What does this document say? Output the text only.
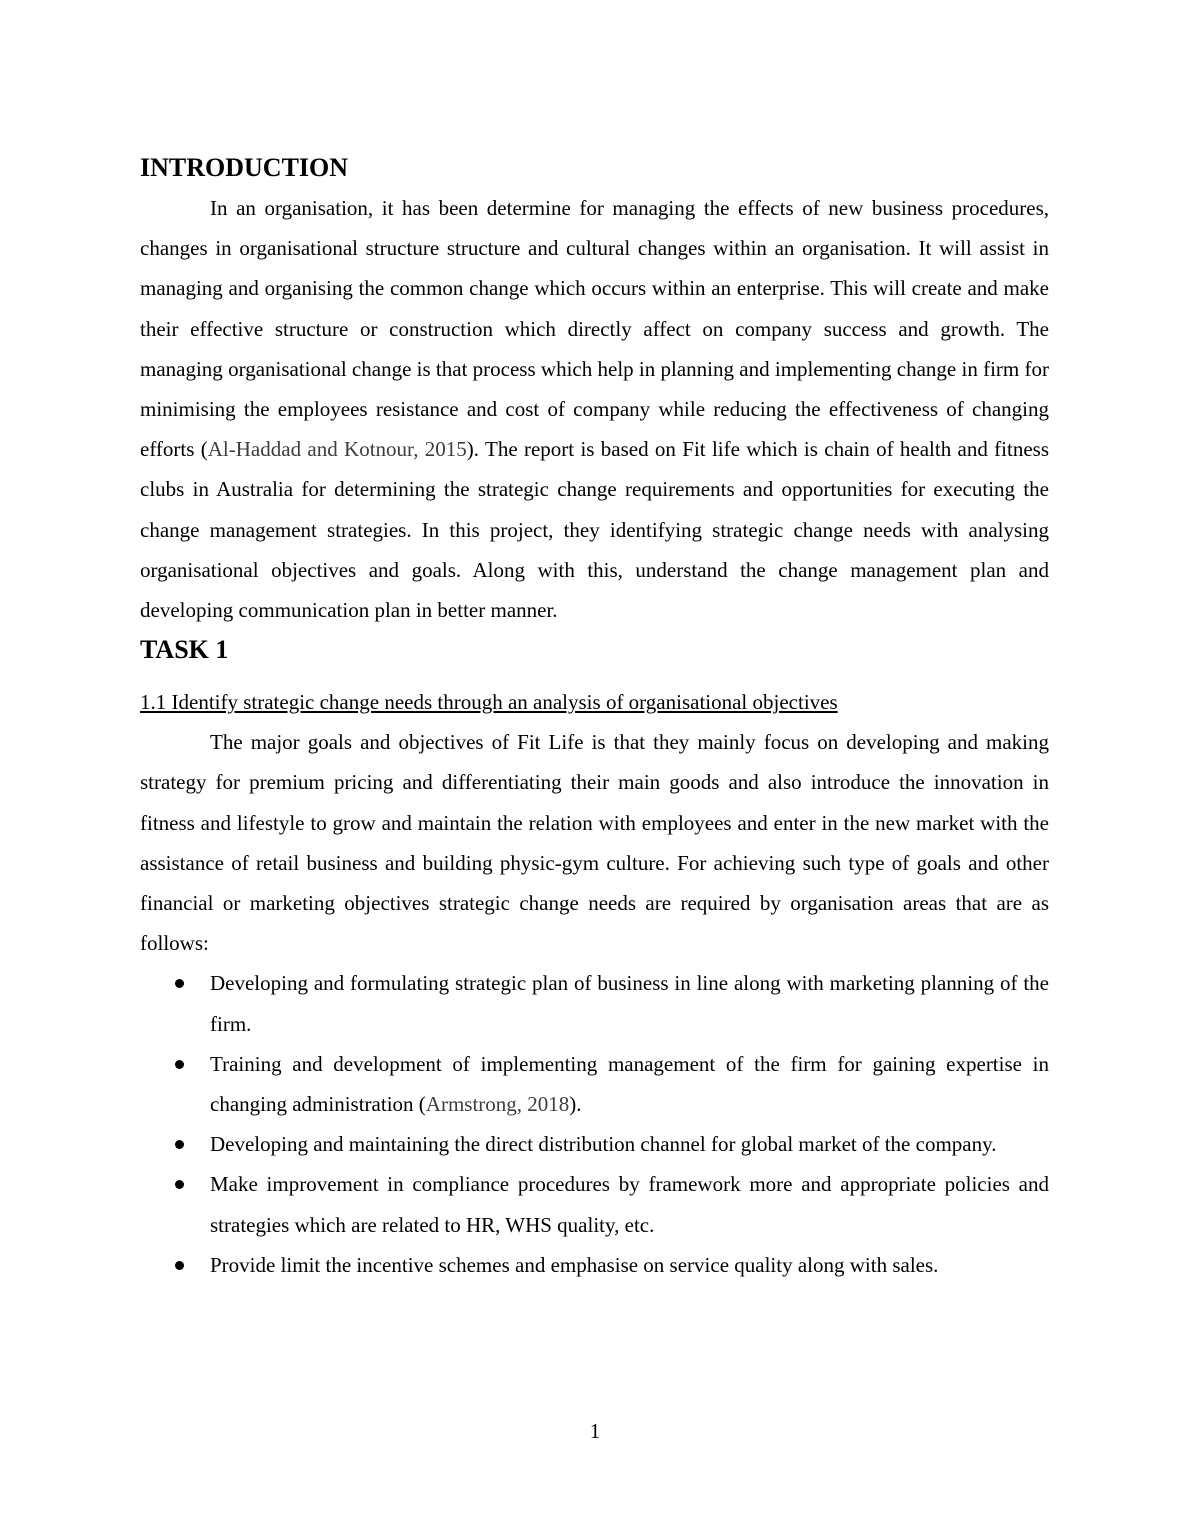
INTRODUCTION

In an organisation, it has been determine for managing the effects of new business procedures, changes in organisational structure structure and cultural changes within an organisation. It will assist in managing and organising the common change which occurs within an enterprise. This will create and make their effective structure or construction which directly affect on company success and growth. The managing organisational change is that process which help in planning and implementing change in firm for minimising the employees resistance and cost of company while reducing the effectiveness of changing efforts (Al-Haddad and Kotnour, 2015). The report is based on Fit life which is chain of health and fitness clubs in Australia for determining the strategic change requirements and opportunities for executing the change management strategies. In this project, they identifying strategic change needs with analysing organisational objectives and goals. Along with this, understand the change management plan and developing communication plan in better manner.

TASK 1
1.1 Identify strategic change needs through an analysis of organisational objectives

The major goals and objectives of Fit Life is that they mainly focus on developing and making strategy for premium pricing and differentiating their main goods and also introduce the innovation in fitness and lifestyle to grow and maintain the relation with employees and enter in the new market with the assistance of retail business and building physic-gym culture. For achieving such type of goals and other financial or marketing objectives strategic change needs are required by organisation areas that are as follows:

Developing and formulating strategic plan of business in line along with marketing planning of the firm.
Training and development of implementing management of the firm for gaining expertise in changing administration (Armstrong, 2018).
Developing and maintaining the direct distribution channel for global market of the company.
Make improvement in compliance procedures by framework more and appropriate policies and strategies which are related to HR, WHS quality, etc.
Provide limit the incentive schemes and emphasise on service quality along with sales.
1
